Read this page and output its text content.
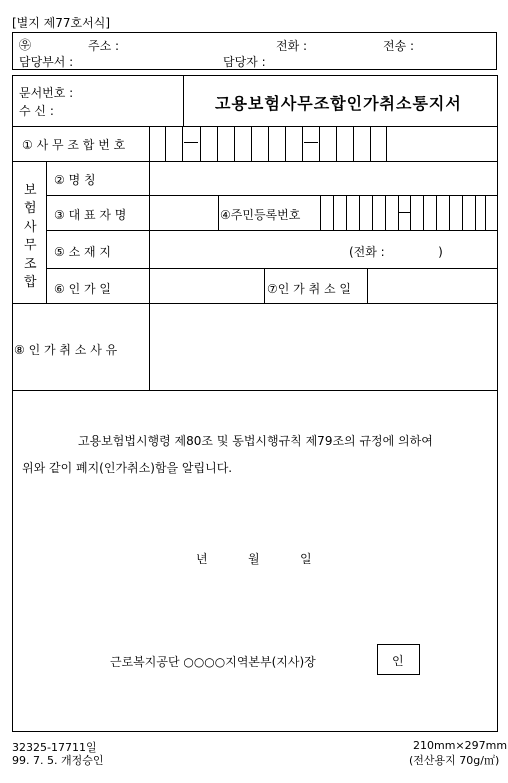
[별지 제77호서식]
㉾	주소 :	전화 :	전송 :
담당부서 :	담당자 :
문서번호 :
수 신 :	고용보험사무조합인가취소통지서
① 사 무 조 합 번 호
보
험
사
무
조
합
② 명 칭
③ 대 표 자 명	④주민등록번호
⑤ 소 재 지	(전화 :              )
⑥ 인 가 일	⑦인 가 취 소 일
⑧ 인 가 취 소 사 유
고용보험법시행령 제80조 및 동법시행규칙 제79조의 규정에 의하여
위와 같이 폐지(인가취소)함을 알립니다.
년	월	일
근로복지공단 ○○○○지역본부(지사)장	인
32325-17711일
99. 7. 5. 개정승인
210mm×297mm
(전산용지 70g/㎡)
